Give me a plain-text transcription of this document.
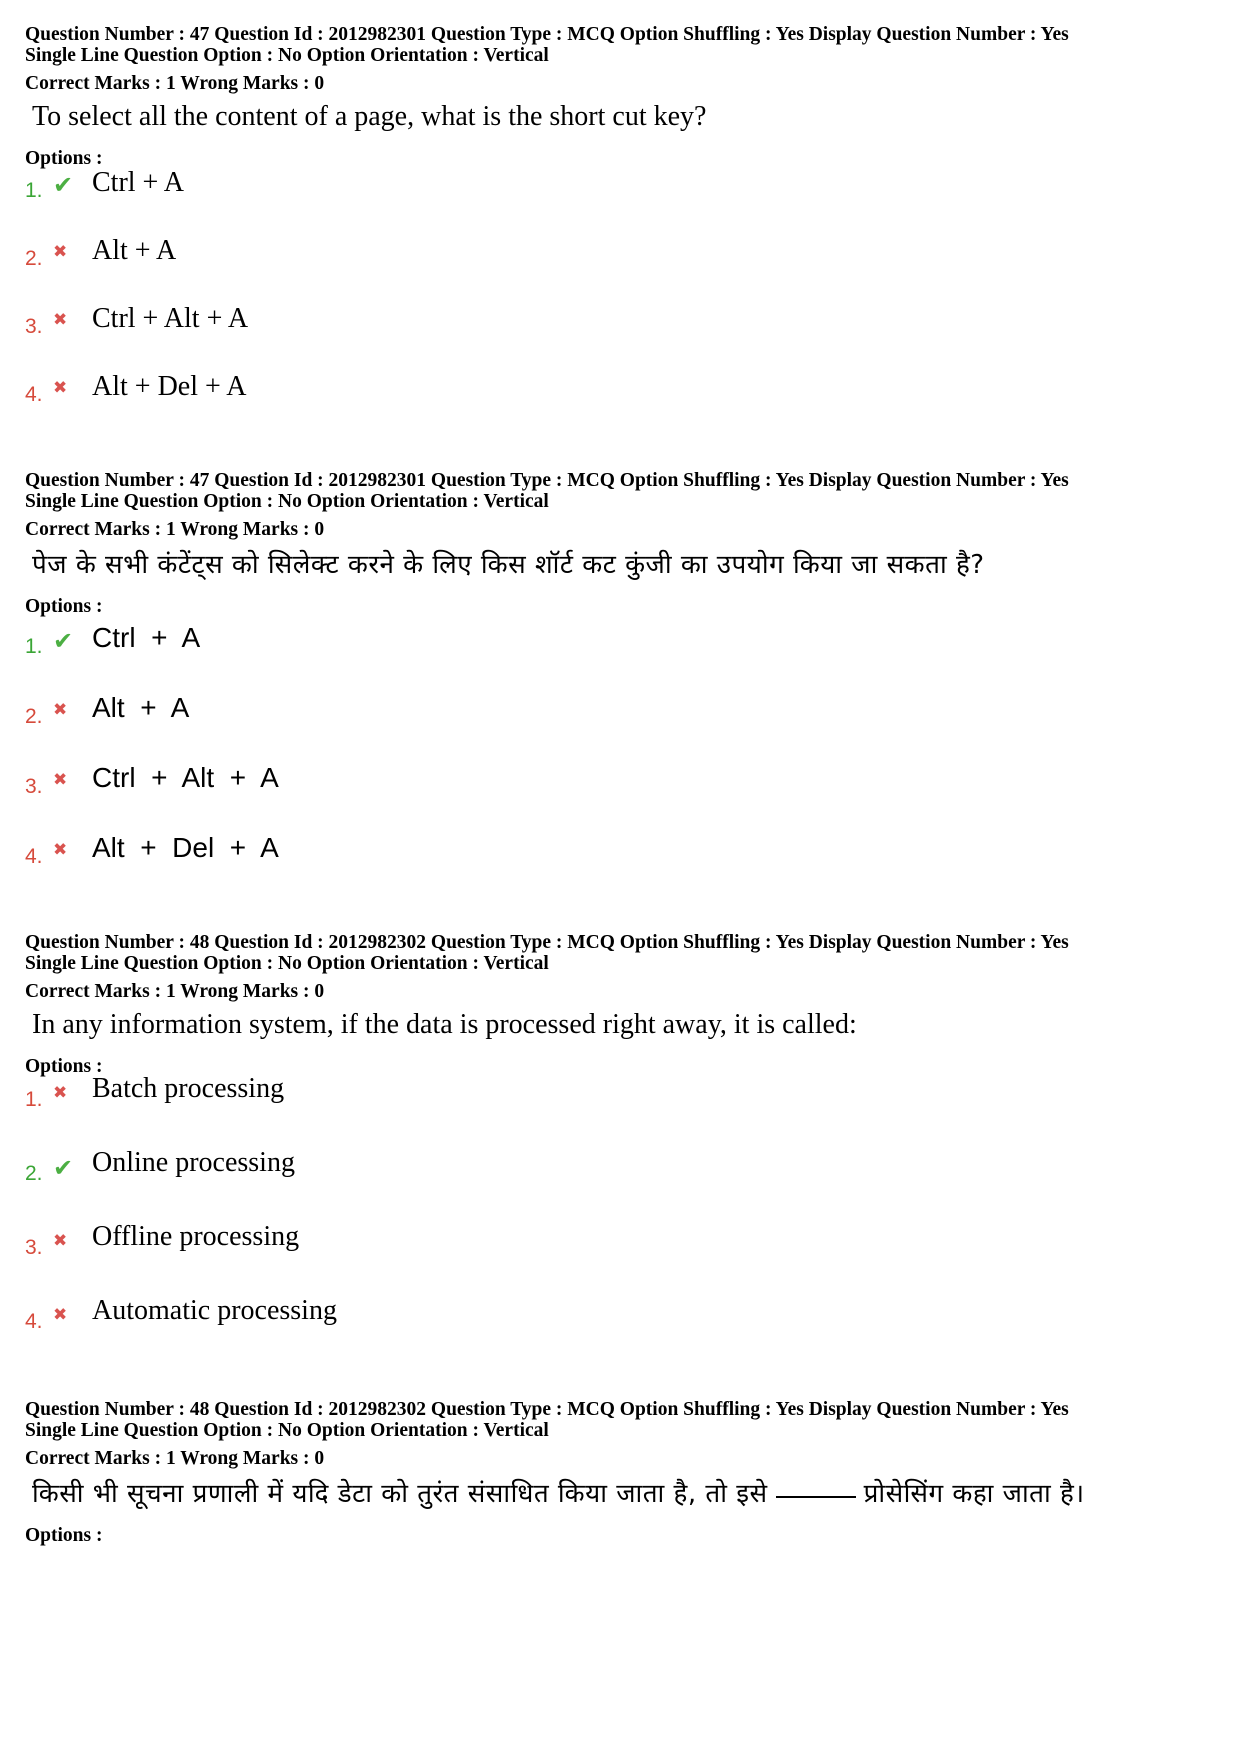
Question Number : 47 Question Id : 2012982301 Question Type : MCQ Option Shuffling : Yes Display Question Number : Yes
Single Line Question Option : No Option Orientation : Vertical
Correct Marks : 1 Wrong Marks : 0
To select all the content of a page, what is the short cut key?
Options :
1. ✔ Ctrl + A
2. ✖ Alt + A
3. ✖ Ctrl + Alt + A
4. ✖ Alt + Del + A
Question Number : 47 Question Id : 2012982301 Question Type : MCQ Option Shuffling : Yes Display Question Number : Yes
Single Line Question Option : No Option Orientation : Vertical
Correct Marks : 1 Wrong Marks : 0
पेज के सभी कंटेंट्स को सिलेक्ट करने के लिए किस शॉर्ट कट कुंजी का उपयोग किया जा सकता है?
Options :
1. ✔ Ctrl  +  A
2. ✖ Alt  +  A
3. ✖ Ctrl  +  Alt  +  A
4. ✖ Alt  +  Del  +  A
Question Number : 48 Question Id : 2012982302 Question Type : MCQ Option Shuffling : Yes Display Question Number : Yes
Single Line Question Option : No Option Orientation : Vertical
Correct Marks : 1 Wrong Marks : 0
In any information system, if the data is processed right away, it is called:
Options :
1. ✖ Batch processing
2. ✔ Online processing
3. ✖ Offline processing
4. ✖ Automatic processing
Question Number : 48 Question Id : 2012982302 Question Type : MCQ Option Shuffling : Yes Display Question Number : Yes
Single Line Question Option : No Option Orientation : Vertical
Correct Marks : 1 Wrong Marks : 0
किसी भी सूचना प्रणाली में यदि डेटा को तुरंत संसाधित किया जाता है, तो इसे	प्रोसेसिंग कहा जाता है।
Options :
